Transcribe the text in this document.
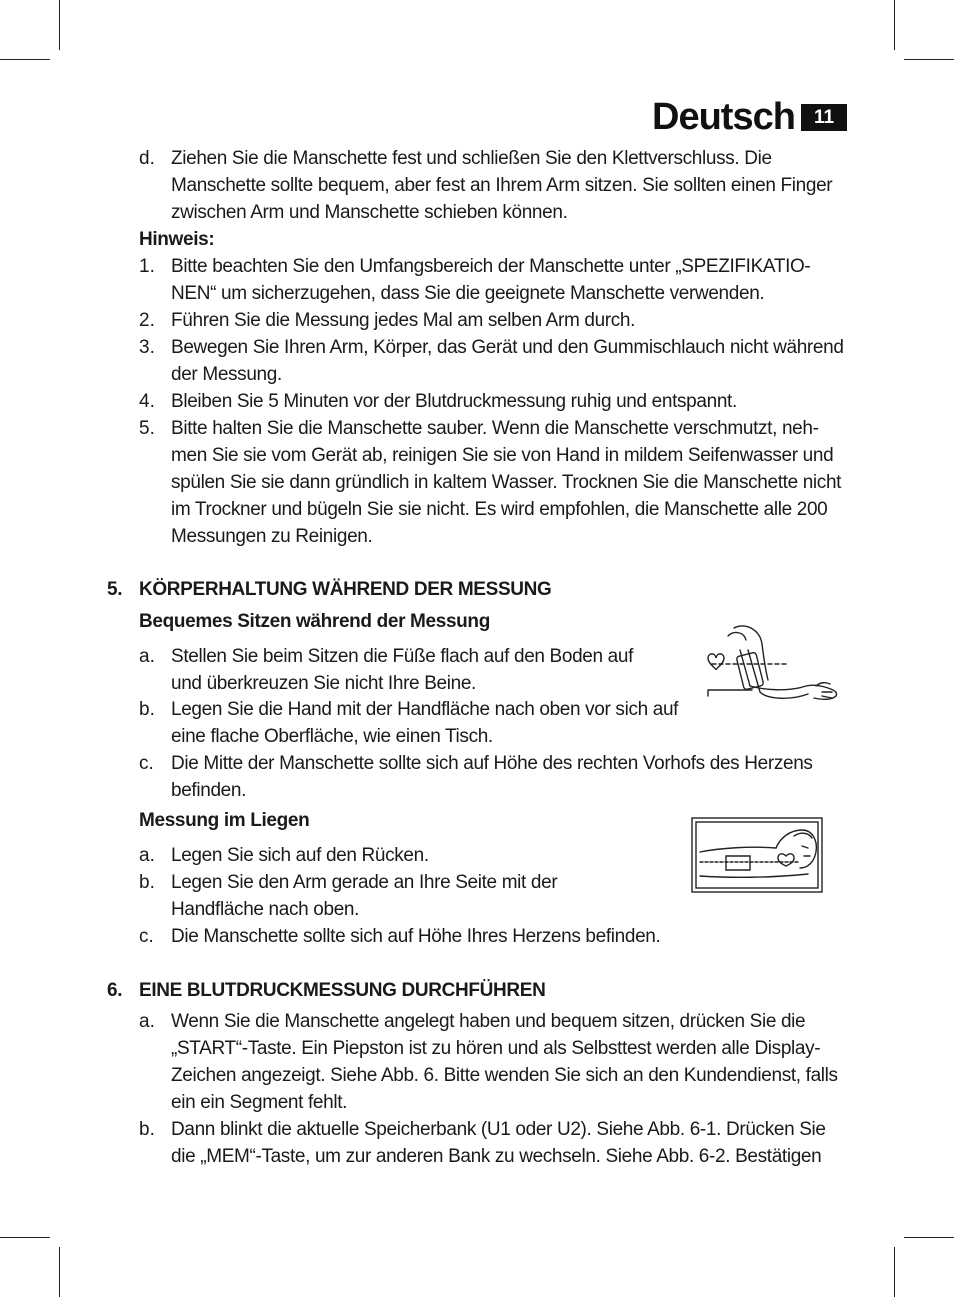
Deutsch	11
d. Ziehen Sie die Manschette fest und schließen Sie den Klettverschluss. Die
Manschette sollte bequem, aber fest an Ihrem Arm sitzen. Sie sollten einen Finger
zwischen Arm und Manschette schieben können.
Hinweis:
1. Bitte beachten Sie den Umfangsbereich der Manschette unter „SPEZIFIKATIO-
NEN“ um sicherzugehen, dass Sie die geeignete Manschette verwenden.
2. Führen Sie die Messung jedes Mal am selben Arm durch.
3. Bewegen Sie Ihren Arm, Körper, das Gerät und den Gummischlauch nicht während
der Messung.
4. Bleiben Sie 5 Minuten vor der Blutdruckmessung ruhig und entspannt.
5. Bitte halten Sie die Manschette sauber. Wenn die Manschette verschmutzt, neh-
men Sie sie vom Gerät ab, reinigen Sie sie von Hand in mildem Seifenwasser und
spülen Sie sie dann gründlich in kaltem Wasser. Trocknen Sie die Manschette nicht
im Trockner und bügeln Sie sie nicht. Es wird empfohlen, die Manschette alle 200
Messungen zu Reinigen.
5. KÖRPERHALTUNG WÄHREND DER MESSUNG
Bequemes Sitzen während der Messung
a. Stellen Sie beim Sitzen die Füße flach auf den Boden auf
und überkreuzen Sie nicht Ihre Beine.
b. Legen Sie die Hand mit der Handfläche nach oben vor sich auf
eine flache Oberfläche, wie einen Tisch.
c. Die Mitte der Manschette sollte sich auf Höhe des rechten Vorhofs des Herzens
befinden.
Messung im Liegen
a. Legen Sie sich auf den Rücken.
b. Legen Sie den Arm gerade an Ihre Seite mit der
Handfläche nach oben.
c. Die Manschette sollte sich auf Höhe Ihres Herzens befinden.
6. EINE BLUTDRUCKMESSUNG DURCHFÜHREN
a. Wenn Sie die Manschette angelegt haben und bequem sitzen, drücken Sie die
„START“-Taste. Ein Piepston ist zu hören und als Selbsttest werden alle Display-
Zeichen angezeigt. Siehe Abb. 6. Bitte wenden Sie sich an den Kundendienst, falls
ein ein Segment fehlt.
b. Dann blinkt die aktuelle Speicherbank (U1 oder U2). Siehe Abb. 6-1. Drücken Sie
die „MEM“-Taste, um zur anderen Bank zu wechseln. Siehe Abb. 6-2. Bestätigen
